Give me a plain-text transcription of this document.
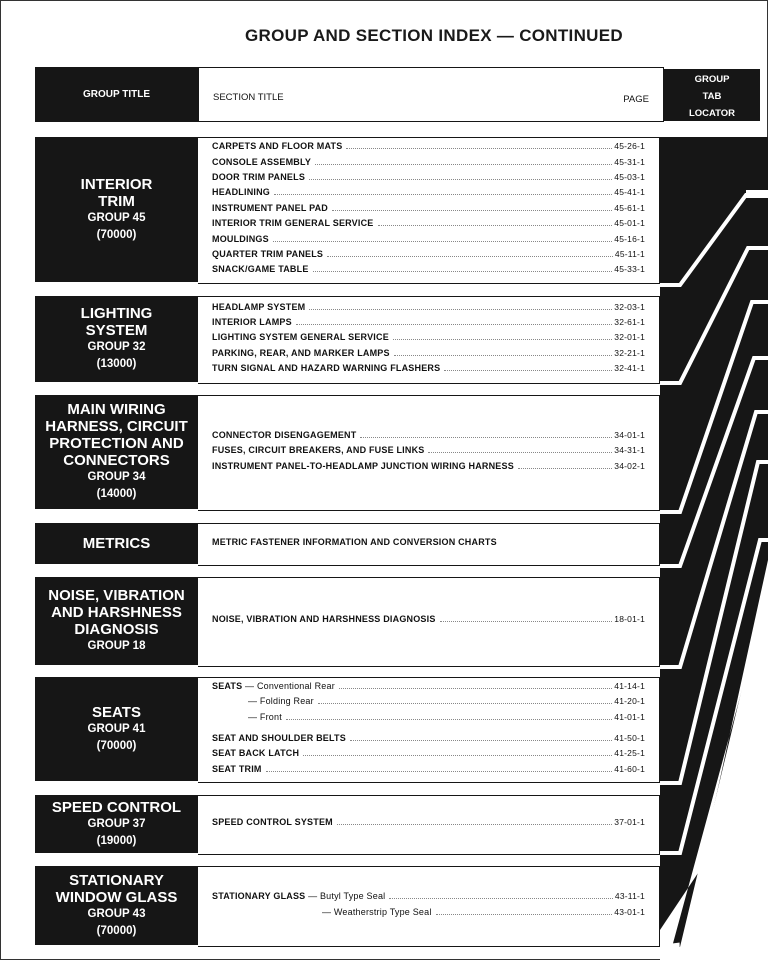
GROUP AND SECTION INDEX — CONTINUED
GROUP TITLE	SECTION TITLE	PAGE
GROUP
TAB
LOCATOR
INTERIOR
TRIM
GROUP 45
(70000)
CARPETS AND FLOOR MATS	45-26-1
CONSOLE ASSEMBLY	45-31-1
DOOR TRIM PANELS	45-03-1
HEADLINING	45-41-1
INSTRUMENT PANEL PAD	45-61-1
INTERIOR TRIM GENERAL SERVICE	45-01-1
MOULDINGS	45-16-1
QUARTER TRIM PANELS	45-11-1
SNACK/GAME TABLE	45-33-1
LIGHTING
SYSTEM
GROUP 32
(13000)
HEADLAMP SYSTEM	32-03-1
INTERIOR LAMPS	32-61-1
LIGHTING SYSTEM GENERAL SERVICE	32-01-1
PARKING, REAR, AND MARKER LAMPS	32-21-1
TURN SIGNAL AND HAZARD WARNING FLASHERS	32-41-1
MAIN WIRING
HARNESS, CIRCUIT
PROTECTION AND
CONNECTORS
GROUP 34
(14000)
CONNECTOR DISENGAGEMENT	34-01-1
FUSES, CIRCUIT BREAKERS, AND FUSE LINKS	34-31-1
INSTRUMENT PANEL-TO-HEADLAMP JUNCTION WIRING HARNESS	34-02-1
METRICS	METRIC FASTENER INFORMATION AND CONVERSION CHARTS
NOISE, VIBRATION
AND HARSHNESS
DIAGNOSIS
GROUP 18
NOISE, VIBRATION AND HARSHNESS DIAGNOSIS	18-01-1
SEATS
GROUP 41
(70000)
SEATS — Conventional Rear	41-14-1
— Folding Rear	41-20-1
— Front	41-01-1
SEAT AND SHOULDER BELTS	41-50-1
SEAT BACK LATCH	41-25-1
SEAT TRIM	41-60-1
SPEED CONTROL
GROUP 37
(19000)
SPEED CONTROL SYSTEM	37-01-1
STATIONARY
WINDOW GLASS
GROUP 43
(70000)
STATIONARY GLASS — Butyl Type Seal	43-11-1
— Weatherstrip Type Seal	43-01-1
